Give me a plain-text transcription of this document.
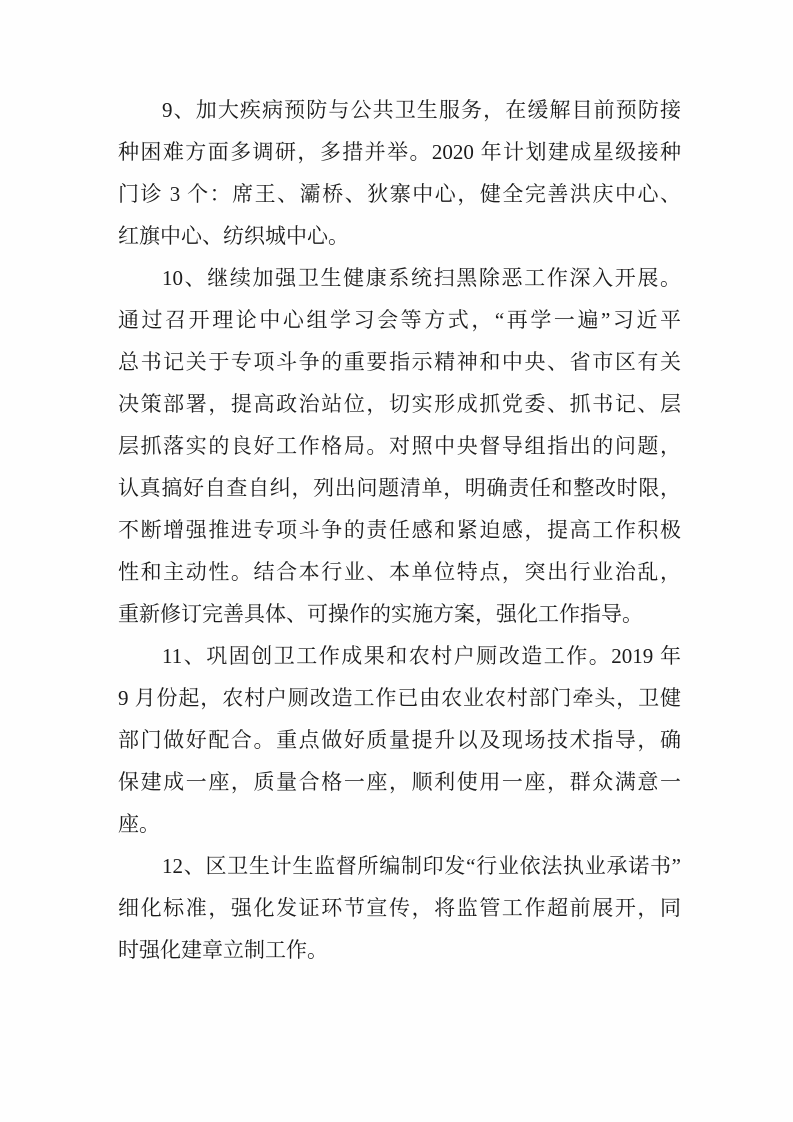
9、加大疾病预防与公共卫生服务，在缓解目前预防接
种困难方面多调研，多措并举。2020 年计划建成星级接种
门诊 3 个：席王、灞桥、狄寨中心，健全完善洪庆中心、
红旗中心、纺织城中心。
10、继续加强卫生健康系统扫黑除恶工作深入开展。
通过召开理论中心组学习会等方式，“再学一遍”习近平
总书记关于专项斗争的重要指示精神和中央、省市区有关
决策部署，提高政治站位，切实形成抓党委、抓书记、层
层抓落实的良好工作格局。对照中央督导组指出的问题，
认真搞好自查自纠，列出问题清单，明确责任和整改时限，
不断增强推进专项斗争的责任感和紧迫感，提高工作积极
性和主动性。结合本行业、本单位特点，突出行业治乱，
重新修订完善具体、可操作的实施方案，强化工作指导。
11、巩固创卫工作成果和农村户厕改造工作。2019 年
9 月份起，农村户厕改造工作已由农业农村部门牵头，卫健
部门做好配合。重点做好质量提升以及现场技术指导，确
保建成一座，质量合格一座，顺利使用一座，群众满意一
座。
12、区卫生计生监督所编制印发“行业依法执业承诺书”
细化标准，强化发证环节宣传，将监管工作超前展开，同
时强化建章立制工作。
